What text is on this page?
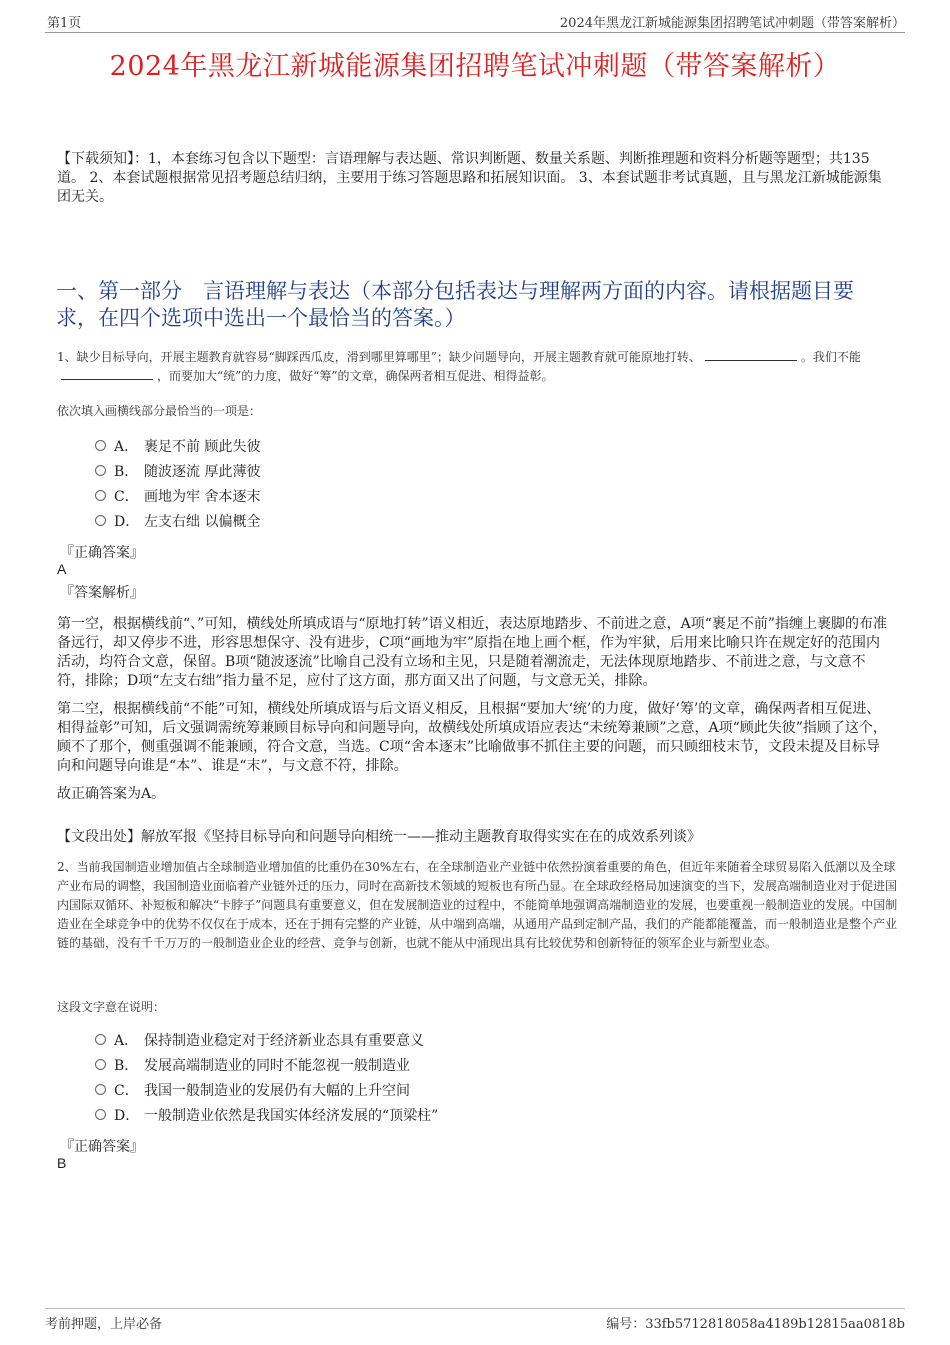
第1页	2024年黑龙江新城能源集团招聘笔试冲刺题（带答案解析）
2024年黑龙江新城能源集团招聘笔试冲刺题（带答案解析）
【下载须知】：1，本套练习包含以下题型：言语理解与表达题、常识判断题、数量关系题、判断推理题和资料分析题等题型；共135道。 2、本套试题根据常见招考题总结归纳，主要用于练习答题思路和拓展知识面。 3、本套试题非考试真题，且与黑龙江新城能源集团无关。
一、第一部分　言语理解与表达（本部分包括表达与理解两方面的内容。请根据题目要求，在四个选项中选出一个最恰当的答案。）
1、缺少目标导向，开展主题教育就容易“脚踩西瓜皮，滑到哪里算哪里”；缺少问题导向，开展主题教育就可能原地打转、	。我们不能，而要加大“统”的力度，做好“筹”的文章，确保两者相互促进、相得益彰。
依次填入画横线部分最恰当的一项是：
A． 裹足不前 顾此失彼
B． 随波逐流 厚此薄彼
C． 画地为牢 舍本逐末
D． 左支右绌 以偏概全
『正确答案』
A
『答案解析』

第一空，根据横线前“、”可知，横线处所填成语与“原地打转”语义相近，表达原地踏步、不前进之意，A项“裹足不前”指缠上裹脚的布准备远行，却又停步不进，形容思想保守、没有进步，C项“画地为牢”原指在地上画个框，作为牢狱，后用来比喻只许在规定好的范围内活动，均符合文意，保留。B项“随波逐流”比喻自己没有立场和主见，只是随着潮流走，无法体现原地踏步、不前进之意，与文意不符，排除；D项“左支右绌”指力量不足，应付了这方面，那方面又出了问题，与文意无关，排除。

第二空，根据横线前“不能”可知，横线处所填成语与后文语义相反，且根据“要加大‘统’的力度，做好‘筹’的文章，确保两者相互促进、相得益彰”可知，后文强调需统筹兼顾目标导向和问题导向，故横线处所填成语应表达“未统筹兼顾”之意，A项“顾此失彼”指顾了这个，顾不了那个，侧重强调不能兼顾，符合文意，当选。C项“舍本逐末”比喻做事不抓住主要的问题，而只顾细枝末节，文段未提及目标导向和问题导向谁是“本”、谁是“末”，与文意不符，排除。

故正确答案为A。

【文段出处】解放军报《坚持目标导向和问题导向相统一——推动主题教育取得实实在在的成效系列谈》
2、当前我国制造业增加值占全球制造业增加值的比重仍在30%左右，在全球制造业产业链中依然扮演着重要的角色，但近年来随着全球贸易陷入低潮以及全球产业布局的调整，我国制造业面临着产业链外迁的压力，同时在高新技术领域的短板也有所凸显。在全球政经格局加速演变的当下，发展高端制造业对于促进国内国际双循环、补短板和解决“卡脖子”问题具有重要意义，但在发展制造业的过程中，不能简单地强调高端制造业的发展，也要重视一般制造业的发展。中国制造业在全球竞争中的优势不仅仅在于成本，还在于拥有完整的产业链，从中端到高端，从通用产品到定制产品，我们的产能都能覆盖，而一般制造业是整个产业链的基础，没有千千万万的一般制造业企业的经营、竞争与创新，也就不能从中涌现出具有比较优势和创新特征的领军企业与新型业态。
这段文字意在说明：
A． 保持制造业稳定对于经济新业态具有重要意义
B． 发展高端制造业的同时不能忽视一般制造业
C． 我国一般制造业的发展仍有大幅的上升空间
D． 一般制造业依然是我国实体经济发展的“顶梁柱”
『正确答案』
B
考前押题，上岸必备	编号：33fb5712818058a4189b12815aa0818b
